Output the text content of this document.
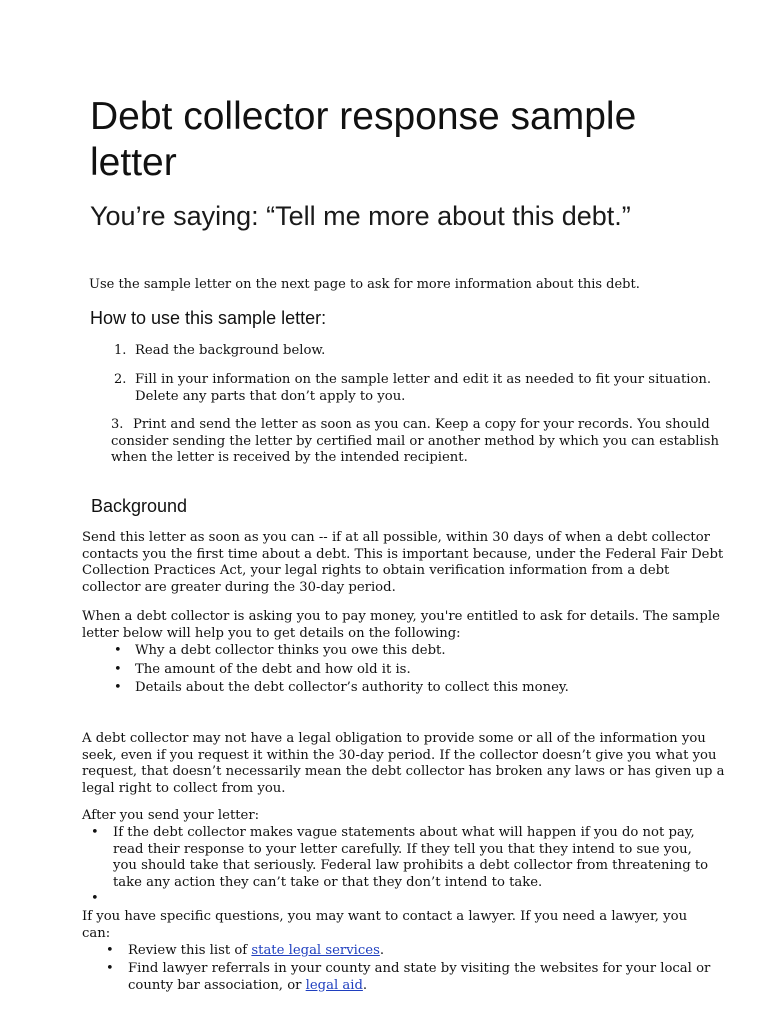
Debt collector response sample letter
You’re saying: “Tell me more about this debt.”
Use the sample letter on the next page to ask for more information about this debt.
How to use this sample letter:
1. Read the background below.
2. Fill in your information on the sample letter and edit it as needed to fit your situation.
Delete any parts that don’t apply to you.
3. Print and send the letter as soon as you can. Keep a copy for your records. You should
consider sending the letter by certified mail or another method by which you can establish
when the letter is received by the intended recipient.
Background
Send this letter as soon as you can -- if at all possible, within 30 days of when a debt collector
contacts you the first time about a debt. This is important because, under the Federal Fair Debt
Collection Practices Act, your legal rights to obtain verification information from a debt
collector are greater during the 30-day period.
When a debt collector is asking you to pay money, you're entitled to ask for details. The sample
letter below will help you to get details on the following:
• Why a debt collector thinks you owe this debt.
• The amount of the debt and how old it is.
• Details about the debt collector’s authority to collect this money.
A debt collector may not have a legal obligation to provide some or all of the information you
seek, even if you request it within the 30-day period. If the collector doesn’t give you what you
request, that doesn’t necessarily mean the debt collector has broken any laws or has given up a
legal right to collect from you.
After you send your letter:
• If the debt collector makes vague statements about what will happen if you do not pay,
read their response to your letter carefully. If they tell you that they intend to sue you,
you should take that seriously. Federal law prohibits a debt collector from threatening to
take any action they can’t take or that they don’t intend to take.
•
If you have specific questions, you may want to contact a lawyer. If you need a lawyer, you
can:
• Review this list of state legal services.
• Find lawyer referrals in your county and state by visiting the websites for your local or
county bar association, or legal aid.
